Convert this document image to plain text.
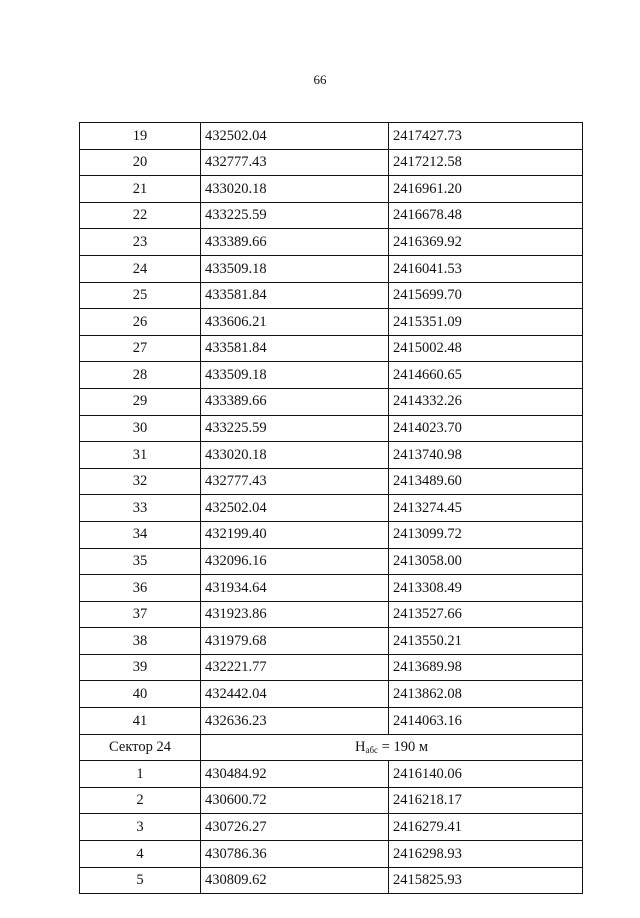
66
19	432502.04	2417427.73
20	432777.43	2417212.58
21	433020.18	2416961.20
22	433225.59	2416678.48
23	433389.66	2416369.92
24	433509.18	2416041.53
25	433581.84	2415699.70
26	433606.21	2415351.09
27	433581.84	2415002.48
28	433509.18	2414660.65
29	433389.66	2414332.26
30	433225.59	2414023.70
31	433020.18	2413740.98
32	432777.43	2413489.60
33	432502.04	2413274.45
34	432199.40	2413099.72
35	432096.16	2413058.00
36	431934.64	2413308.49
37	431923.86	2413527.66
38	431979.68	2413550.21
39	432221.77	2413689.98
40	432442.04	2413862.08
41	432636.23	2414063.16
Сектор 24	$H_{абс} = 190$ м	
1	430484.92	2416140.06
2	430600.72	2416218.17
3	430726.27	2416279.41
4	430786.36	2416298.93
5	430809.62	2415825.93
